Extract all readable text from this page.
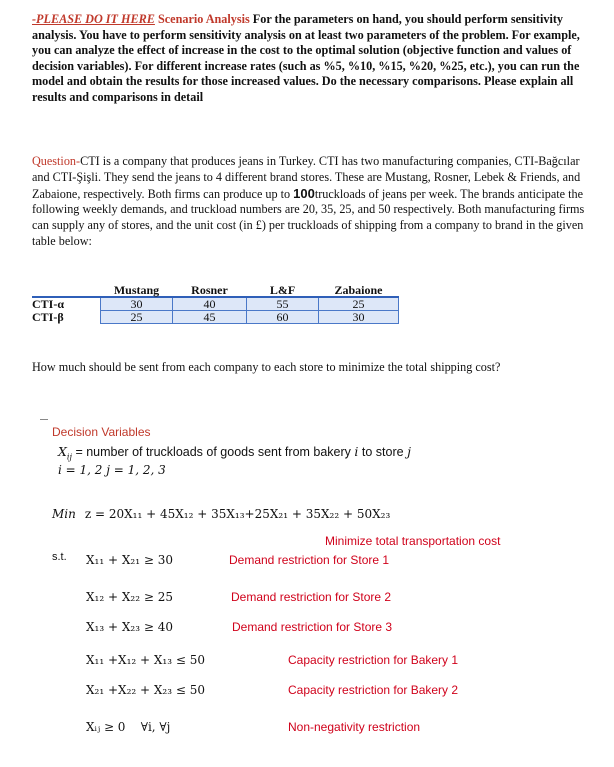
-PLEASE DO IT HERE Scenario Analysis For the parameters on hand, you should perform sensitivity analysis. You have to perform sensitivity analysis on at least two parameters of the problem. For example, you can analyze the effect of increase in the cost to the optimal solution (objective function and values of decision variables). For different increase rates (such as %5, %10, %15, %20, %25, etc.), you can run the model and obtain the results for those increased values. Do the necessary comparisons. Please explain all results and comparisons in detail
Question-CTI is a company that produces jeans in Turkey. CTI has two manufacturing companies, CTI-Bağcılar and CTI-Şişli. They send the jeans to 4 different brand stores. These are Mustang, Rosner, Lebek & Friends, and Zabaione, respectively. Both firms can produce up to 100truckloads of jeans per week. The brands anticipate the following weekly demands, and truckload numbers are 20, 35, 25, and 50 respectively. Both manufacturing firms can supply any of stores, and the unit cost (in £) per truckloads of shipping from a company to brand in the given table below:
	Mustang	Rosner	L&F	Zabaione
CTI-α	30	40	55	25
CTI-β	25	45	60	30
How much should be sent from each company to each store to minimize the total shipping cost?
Decision Variables
$X_{ij}$ = number of truckloads of goods sent from bakery i to store j
i = 1, 2 j = 1, 2, 3
Min z = 20X₁₁ + 45X₁₂ + 35X₁₃+25X₂₁ + 35X₂₂ + 50X₂₃
Minimize total transportation cost
s.t. X₁₁ + X₂₁ ≥ 30	Demand restriction for Store 1
X₁₂ + X₂₂ ≥ 25	Demand restriction for Store 2
X₁₃ + X₂₃ ≥ 40	Demand restriction for Store 3
X₁₁ +X₁₂ + X₁₃ ≤ 50	Capacity restriction for Bakery 1
X₂₁ +X₂₂ + X₂₃ ≤ 50	Capacity restriction for Bakery 2
Xᵢⱼ ≥ 0    ∀i, ∀j	Non-negativity restriction
